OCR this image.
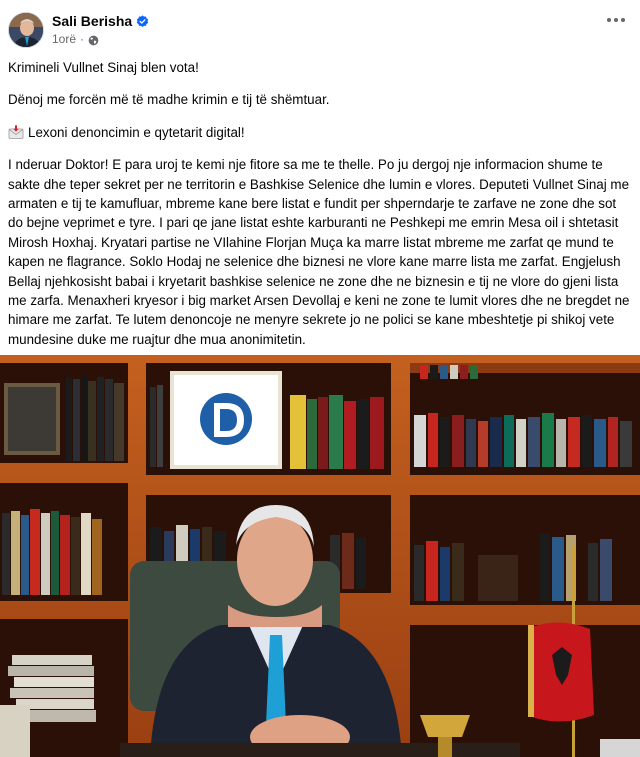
Sali Berisha
1orë ·

Krimineli Vullnet Sinaj blen vota!

Dënoj me forcën më të madhe krimin e tij të shëmtuar.

Lexoni denoncimin e qytetarit digital!

I nderuar Doktor! E para uroj te kemi nje fitore sa me te thelle. Po ju dergoj nje informacion shume te sakte dhe teper sekret per ne territorin e Bashkise Selenice dhe lumin e vlores. Deputeti Vullnet Sinaj me armaten e tij te kamufluar, mbreme kane bere listat e fundit per shperndarje te zarfave ne zone dhe sot do bejne veprimet e tyre. I pari qe jane listat eshte karburanti ne Peshkepi me emrin Mesa oil i shtetasit Mirosh Hoxhaj. Kryatari partise ne VIlahine Florjan Muça ka marre listat mbreme me zarfat qe mund te kapen ne flagrance. Soklo Hodaj ne selenice dhe biznesi ne vlore kane marre lista me zarfat. Engjelush Bellaj njehkosisht babai i kryetarit bashkise selenice ne zone dhe ne biznesin e tij ne vlore do gjeni lista me zarfa. Menaxheri kryesor i big market Arsen Devollaj e keni ne zone te lumit vlores dhe ne bregdet ne himare me zarfat. Te lutem denoncoje ne menyre sekrete jo ne polici se kane mbeshtetje pi shikoj vete mundesine duke me ruajtur dhe mua anonimitetin.
